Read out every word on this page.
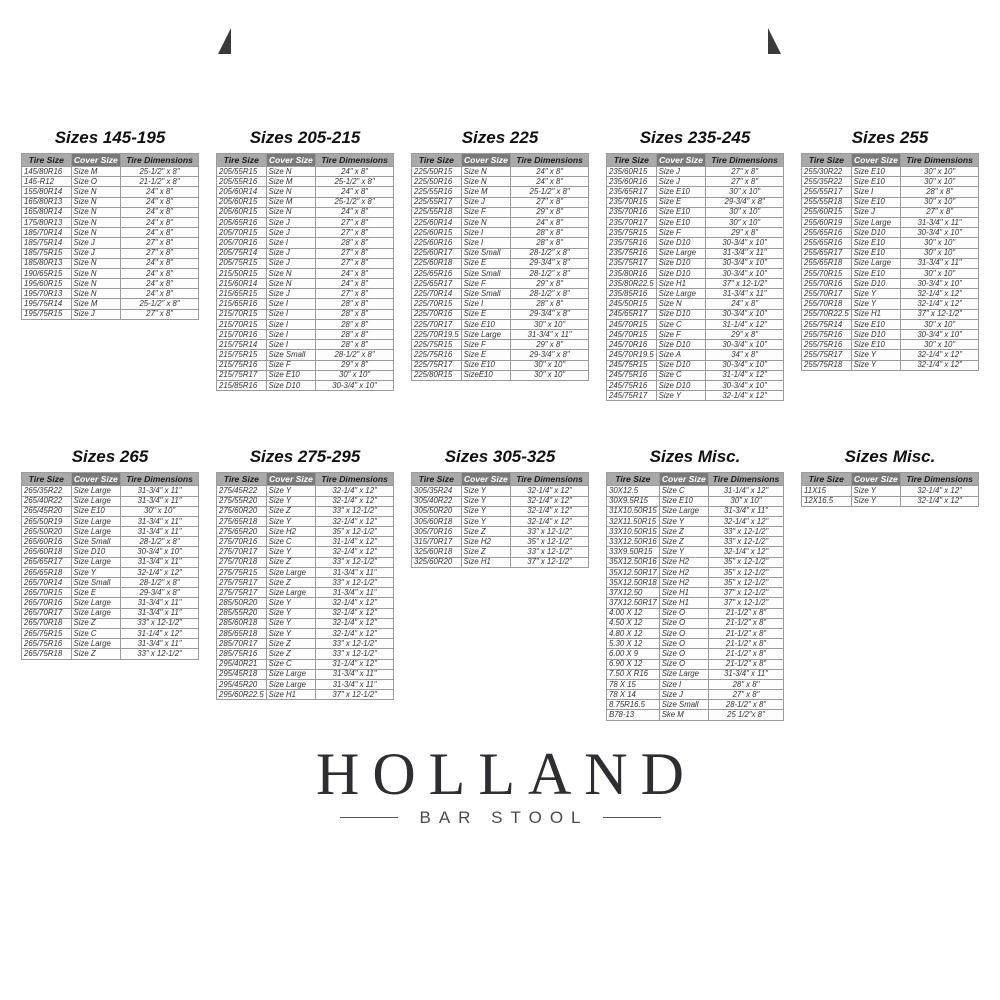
Sizes 145-195
Tire Size	Cover Size	Tire Dimensions
145/80R16	Size M	25-1/2" x 8"
145-R12	Size O	21-1/2" x 8"
155/80R14	Size N	24" x 8"
165/80R13	Size N	24" x 8"
165/80R14	Size N	24" x 8"
175/80R13	Size N	24" x 8"
185/70R14	Size N	24" x 8"
185/75R14	Size J	27" x 8"
185/75R15	Size J	27" x 8"
185/80R13	Size N	24" x 8"
190/65R15	Size N	24" x 8"
195/60R15	Size N	24" x 8"
195/70R13	Size N	24" x 8"
195/75R14	Size M	25-1/2" x 8"
195/75R15	Size J	27" x 8"
Sizes 205-215
Tire Size	Cover Size	Tire Dimensions
205/55R15	Size N	24" x 8"
205/55R16	Size M	25-1/2" x 8"
205/60R14	Size N	24" x 8"
205/60R15	Size M	25-1/2" x 8"
205/60R15	Size N	24" x 8"
205/65R16	Size J	27" x 8"
205/70R15	Size J	27" x 8"
205/70R16	Size I	28" x 8"
205/75R14	Size J	27" x 8"
205/75R15	Size J	27" x 8"
215/50R15	Size N	24" x 8"
215/60R14	Size N	24" x 8"
215/65R15	Size J	27" x 8"
215/65R16	Size I	28" x 8"
215/70R15	Size I	28" x 8"
215/70R15	Size I	28" x 8"
215/70R16	Size I	28" x 8"
215/75R14	Size I	28" x 8"
215/75R15	Size Small	28-1/2" x 8"
215/75R16	Size F	29" x 8"
215/75R17	Size E10	30" x 10"
215/85R16	Size D10	30-3/4" x 10"
Sizes 225
Tire Size	Cover Size	Tire Dimensions
225/50R15	Size N	24" x 8"
225/50R16	Size N	24" x 8"
225/55R16	Size M	25-1/2" x 8"
225/55R17	Size J	27" x 8"
225/55R18	Size F	29" x 8"
225/60R14	Size N	24" x 8"
225/60R15	Size I	28" x 8"
225/60R16	Size I	28" x 8"
225/60R17	Size Small	28-1/2" x 8"
225/60R18	Size E	29-3/4" x 8"
225/65R16	Size Small	28-1/2" x 8"
225/65R17	Size F	29" x 8"
225/70R14	Size Small	28-1/2" x 8"
225/70R15	Size I	28" x 8"
225/70R16	Size E	29-3/4" x 8"
225/70R17	Size E10	30" x 10"
225/70R19.5	Size Large	31-3/4" x 11"
225/75R15	Size F	29" x 8"
225/75R16	Size E	29-3/4" x 8"
225/75R17	Size E10	30" x 10"
225/80R15	SizeE10	30" x 10"
Sizes 235-245
Tire Size	Cover Size	Tire Dimensions
235/60R15	Size J	27" x 8"
235/60R16	Size J	27" x 8"
235/65R17	Size E10	30" x 10"
235/70R15	Size E	29-3/4" x 8"
235/70R16	Size E10	30" x 10"
235/70R17	Size E10	30" x 10"
235/75R15	Size F	29" x 8"
235/75R16	Size D10	30-3/4" x 10"
235/75R16	Size Large	31-3/4" x 11"
235/75R17	Size D10	30-3/4" x 10"
235/80R16	Size D10	30-3/4" x 10"
235/80R22.5	Size H1	37" x 12-1/2"
235/85R16	Size Large	31-3/4" x 11"
245/50R15	Size N	24" x 8"
245/65R17	Size D10	30-3/4" x 10"
245/70R15	Size C	31-1/4" x 12"
245/70R15	Size F	29" x 8"
245/70R16	Size D10	30-3/4" x 10"
245/70R19.5	Size A	34" x 8"
245/75R15	Size D10	30-3/4" x 10"
245/75R16	Size C	31-1/4" x 12"
245/75R16	Size D10	30-3/4" x 10"
245/75R17	Size Y	32-1/4" x 12"
Sizes 255
Tire Size	Cover Size	Tire Dimensions
255/30R22	Size E10	30" x 10"
255/35R22	Size E10	30" x 10"
255/55R17	Size I	28" x 8"
255/55R18	Size E10	30" x 10"
255/60R15	Size J	27" x 8"
255/60R19	Size Large	31-3/4" x 11"
255/65R16	Size D10	30-3/4" x 10"
255/65R16	Size E10	30" x 10"
255/65R17	Size E10	30" x 10"
255/65R18	Size Large	31-3/4" x 11"
255/70R15	Size E10	30" x 10"
255/70R16	Size D10	30-3/4" x 10"
255/70R17	Size Y	32-1/4" x 12"
255/70R18	Size Y	32-1/4" x 12"
255/70R22.5	Size H1	37" x 12-1/2"
255/75R14	Size E10	30" x 10"
255/75R16	Size D10	30-3/4" x 10"
255/75R16	Size E10	30" x 10"
255/75R17	Size Y	32-1/4" x 12"
255/75R18	Size Y	32-1/4" x 12"
Sizes 265
Tire Size	Cover Size	Tire Dimensions
265/35R22	Size Large	31-3/4" x 11"
265/40R22	Size Large	31-3/4" x 11"
265/45R20	Size E10	30" x 10"
265/50R19	Size Large	31-3/4" x 11"
265/50R20	Size Large	31-3/4" x 11"
265/60R16	Size Small	28-1/2" x 8"
265/60R18	Size D10	30-3/4" x 10"
265/65R17	Size Large	31-3/4" x 11"
265/65R18	Size Y	32-1/4" x 12"
265/70R14	Size Small	28-1/2" x 8"
265/70R15	Size E	29-3/4" x 8"
265/70R16	Size Large	31-3/4" x 11"
265/70R17	Size Large	31-3/4" x 11"
265/70R18	Size Z	33" x 12-1/2"
265/75R15	Size C	31-1/4" x 12"
265/75R16	Size Large	31-3/4" x 11"
265/75R18	Size Z	33" x 12-1/2"
Sizes 275-295
Tire Size	Cover Size	Tire Dimensions
275/45R22	Size Y	32-1/4" x 12"
275/55R20	Size Y	32-1/4" x 12"
275/60R20	Size Z	33" x 12-1/2"
275/65R18	Size Y	32-1/4" x 12"
275/65R20	Size H2	35" x 12-1/2"
275/70R16	Size C	31-1/4" x 12"
275/70R17	Size Y	32-1/4" x 12"
275/70R18	Size Z	33" x 12-1/2"
275/75R15	Size Large	31-3/4" x 11"
275/75R17	Size Z	33" x 12-1/2"
275/75R17	Size Large	31-3/4" x 11"
285/50R20	Size Y	32-1/4" x 12"
285/55R20	Size Y	32-1/4" x 12"
285/60R18	Size Y	32-1/4" x 12"
285/65R18	Size Y	32-1/4" x 12"
285/70R17	Size Z	33" x 12-1/2"
285/75R16	Size Z	33" x 12-1/2"
295/40R21	Size C	31-1/4" x 12"
295/45R18	Size Large	31-3/4" x 11"
295/45R20	Size Large	31-3/4" x 11"
295/60R22.5	Size H1	37" x 12-1/2"
Sizes 305-325
Tire Size	Cover Size	Tire Dimensions
305/35R24	Size Y	32-1/4" x 12"
305/40R22	Size Y	32-1/4" x 12"
305/50R20	Size Y	32-1/4" x 12"
305/60R18	Size Y	32-1/4" x 12"
305/70R16	Size Z	33" x 12-1/2"
315/70R17	Size H2	35" x 12-1/2"
325/60R18	Size Z	33" x 12-1/2"
325/60R20	Size H1	37" x 12-1/2"
Sizes Misc.
Tire Size	Cover Size	Tire Dimensions
30X12.5	Size C	31-1/4" x 12"
30X9.5R15	Size E10	30" x 10"
31X10.50R15	Size Large	31-3/4" x 11"
32X11.50R15	Size Y	32-1/4" x 12"
33X10.50R15	Size Z	33" x 12-1/2"
33X12.50R16	Size Z	33" x 12-1/2"
33X9.50R15	Size Y	32-1/4" x 12"
35X12.50R16	Size H2	35" x 12-1/2"
35X12.50R17	Size H2	35" x 12-1/2"
35X12.50R18	Size H2	35" x 12-1/2"
37X12.50	Size H1	37" x 12-1/2"
37X12.50R17	Size H1	37" x 12-1/2"
4.00 X 12	Size O	21-1/2" x 8"
4.50 X 12	Size O	21-1/2" x 8"
4.80 X 12	Size O	21-1/2" x 8"
5.30 X 12	Size O	21-1/2" x 8"
6.00 X 9	Size O	21-1/2" x 8"
6.90 X 12	Size O	21-1/2" x 8"
7.50 X R16	Size Large	31-3/4" x 11"
78 X 15	Size I	28" x 8"
78 X 14	Size J	27" x 8"
8.75R16.5	Size Small	28-1/2" x 8"
B78-13	Ske M	25 1/2"x 8"
Sizes Misc.
Tire Size	Cover Size	Tire Dimensions
11X15	Size Y	32-1/4" x 12"
12X16.5	Size Y	32-1/4" x 12"
HOLLAND
BAR STOOL
